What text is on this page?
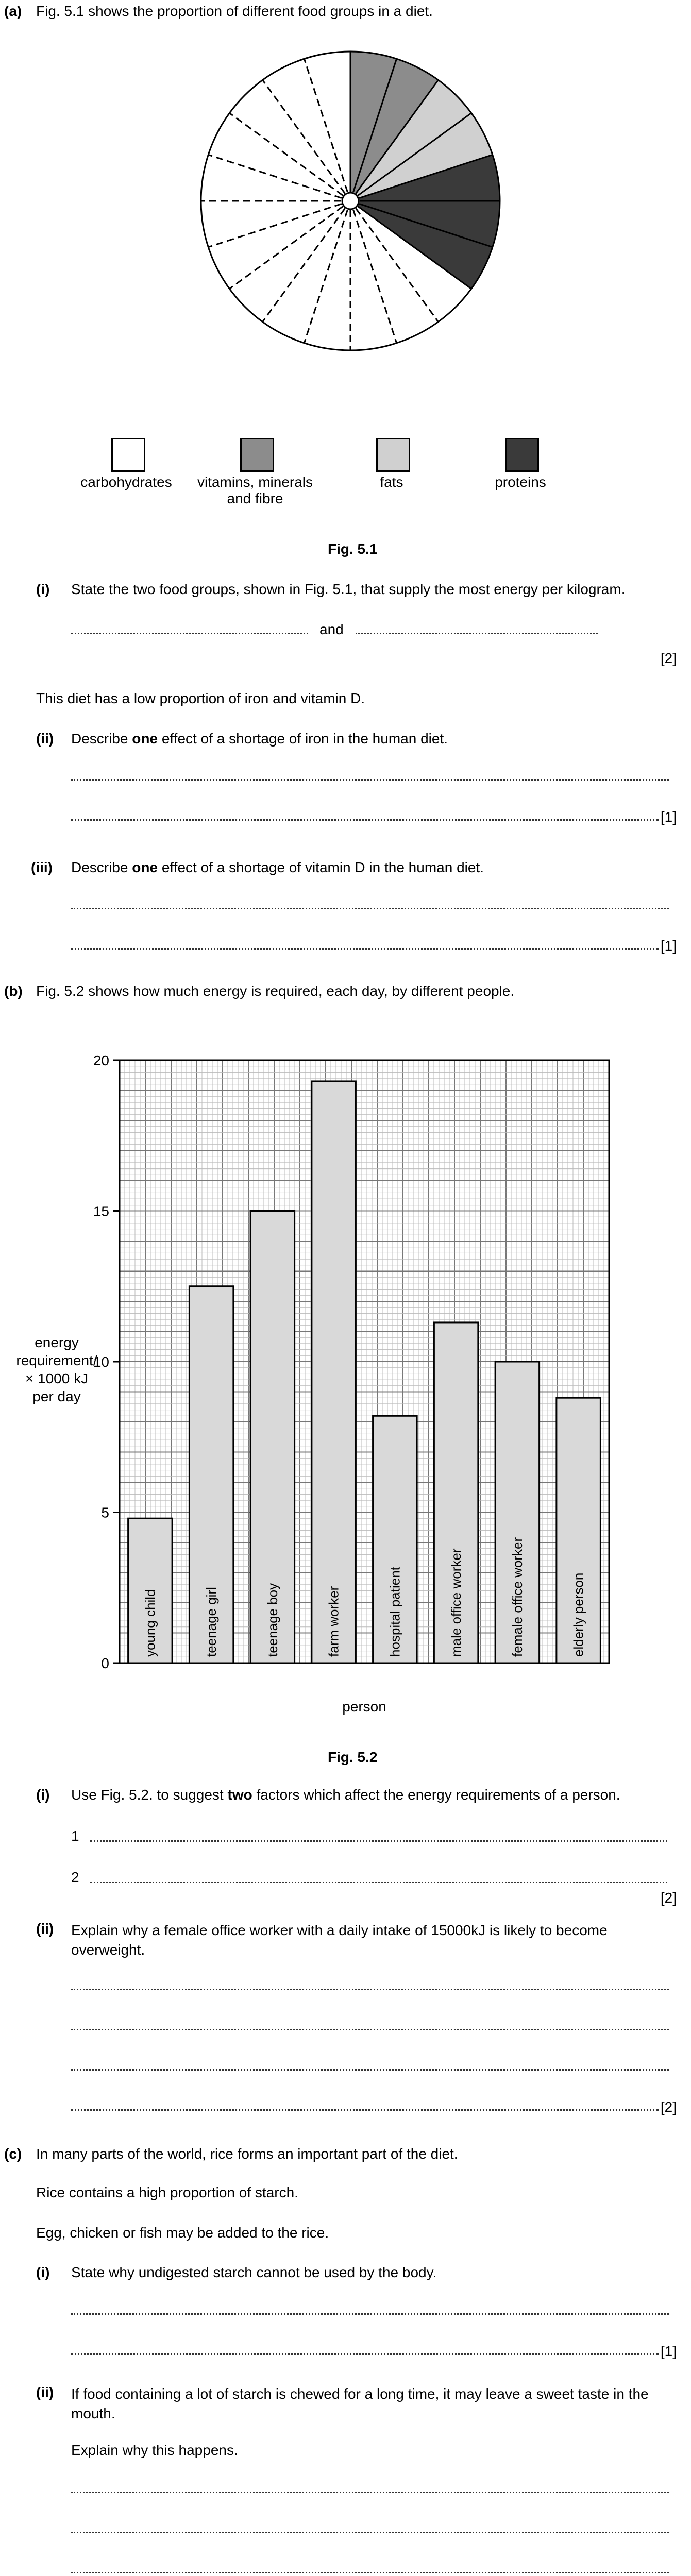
(a) Fig. 5.1 shows the proportion of different food groups in a diet.
carbohydrates	vitamins, minerals and fibre
fats	proteins
Fig. 5.1
(i) State the two food groups, shown in Fig. 5.1, that supply the most energy per kilogram.
and
[2]
This diet has a low proportion of iron and vitamin D.
(ii) Describe one effect of a shortage of iron in the human diet.
[1]
(iii) Describe one effect of a shortage of vitamin D in the human diet.
[1]
(b) Fig. 5.2 shows how much energy is required, each day, by different people.
young child	teenage girl	teenage boy	farm worker	hospital patient	male office worker	female office worker	elderly person
0
5
10
15
20
energy
requirement/
× 1000 kJ
per day
person
Fig. 5.2
(i) Use Fig. 5.2. to suggest two factors which affect the energy requirements of a person.
1
2
[2]
(ii) Explain why a female office worker with a daily intake of 15000kJ is likely to become overweight.
[2]
(c) In many parts of the world, rice forms an important part of the diet.
Rice contains a high proportion of starch.
Egg, chicken or fish may be added to the rice.
(i) State why undigested starch cannot be used by the body.
[1]
(ii) If food containing a lot of starch is chewed for a long time, it may leave a sweet taste in the mouth.
Explain why this happens.
